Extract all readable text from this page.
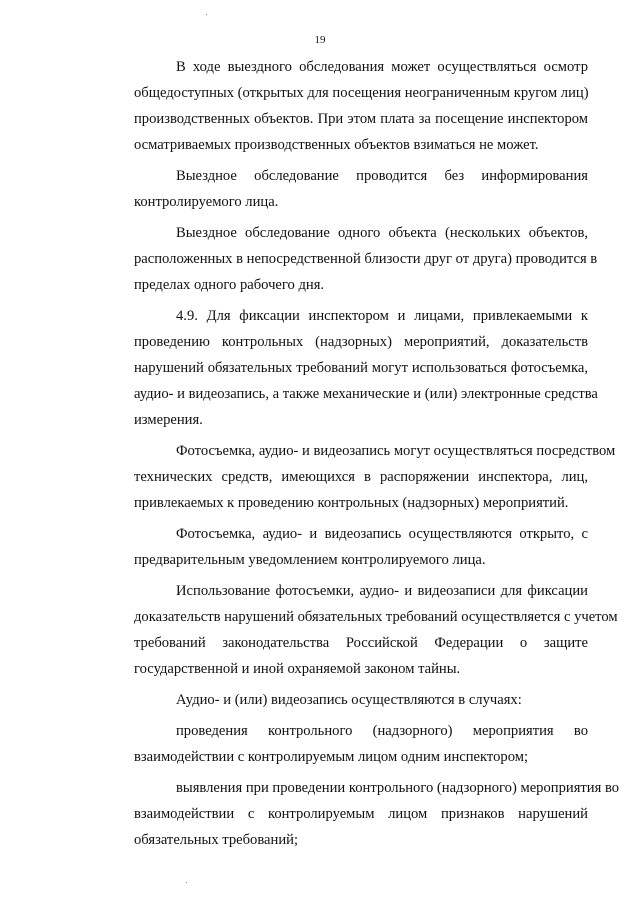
19
В ходе выездного обследования может осуществляться осмотр
общедоступных (открытых для посещения неограниченным кругом лиц)
производственных объектов. При этом плата за посещение инспектором
осматриваемых производственных объектов взиматься не может.
Выездное обследование проводится без информирования
контролируемого лица.
Выездное обследование одного объекта (нескольких объектов,
расположенных в непосредственной близости друг от друга) проводится в
пределах одного рабочего дня.
4.9. Для фиксации инспектором и лицами, привлекаемыми к
проведению контрольных (надзорных) мероприятий, доказательств
нарушений обязательных требований могут использоваться фотосъемка,
аудио- и видеозапись, а также механические и (или) электронные средства
измерения.
Фотосъемка, аудио- и видеозапись могут осуществляться посредством
технических средств, имеющихся в распоряжении инспектора, лиц,
привлекаемых к проведению контрольных (надзорных) мероприятий.
Фотосъемка, аудио- и видеозапись осуществляются открыто, с
предварительным уведомлением контролируемого лица.
Использование фотосъемки, аудио- и видеозаписи для фиксации
доказательств нарушений обязательных требований осуществляется с учетом
требований законодательства Российской Федерации о защите
государственной и иной охраняемой законом тайны.
Аудио- и (или) видеозапись осуществляются в случаях:
проведения контрольного (надзорного) мероприятия во
взаимодействии с контролируемым лицом одним инспектором;
выявления при проведении контрольного (надзорного) мероприятия во
взаимодействии с контролируемым лицом признаков нарушений
обязательных требований;
